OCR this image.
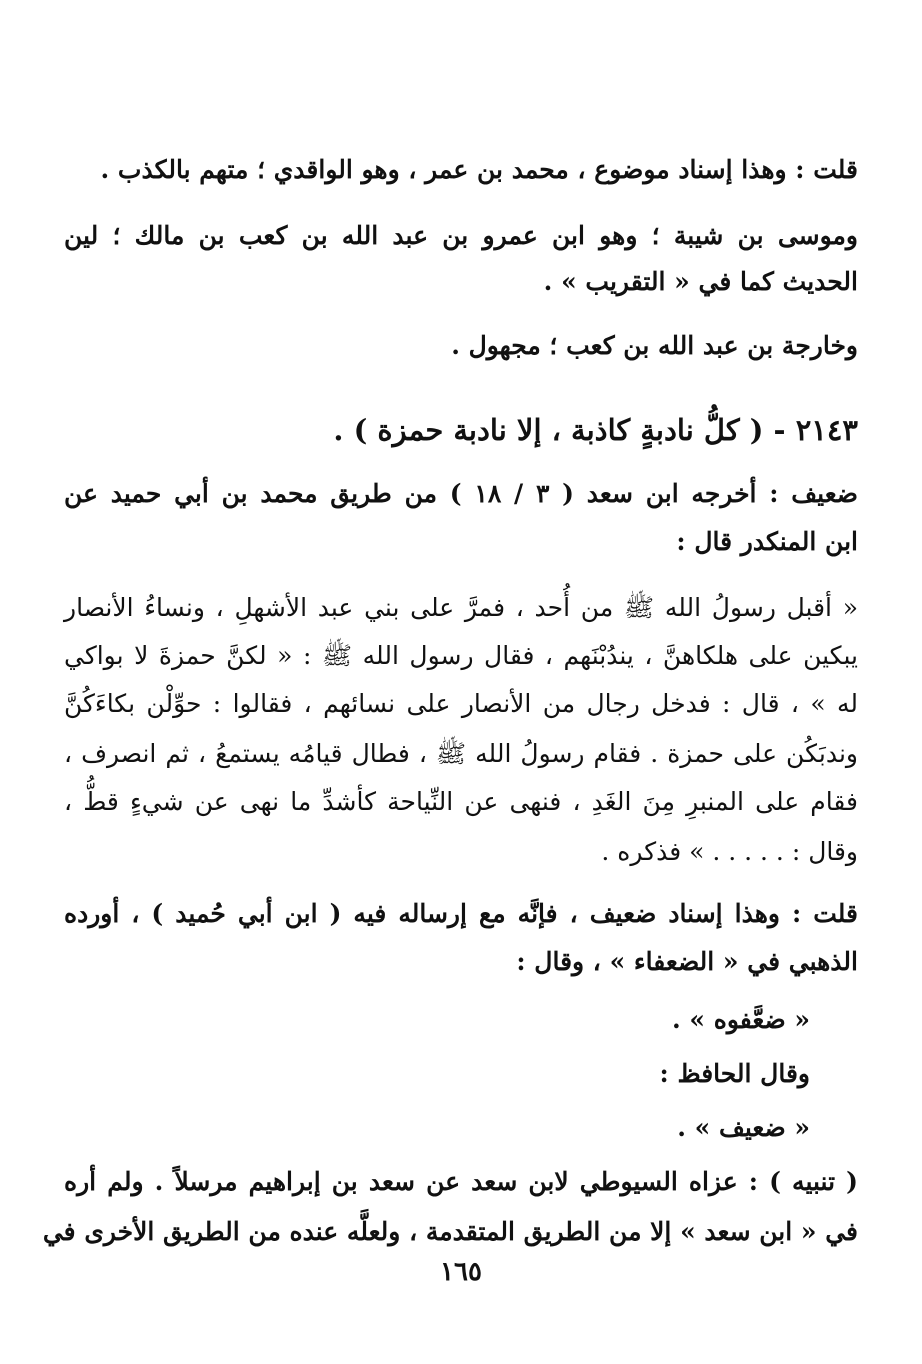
قلت : وهذا إسناد موضوع ، محمد بن عمر ، وهو الواقدي ؛ متهم بالكذب .
وموسى بن شيبة ؛ وهو ابن عمرو بن عبد الله بن كعب بن مالك ؛ لين
الحديث كما في « التقريب » .
وخارجة بن عبد الله بن كعب ؛ مجهول .
٢١٤٣ - ( كلُّ نادبةٍ كاذبة ، إلا نادبة حمزة ) .
ضعيف : أخرجه ابن سعد ( ٣ / ١٨ ) من طريق محمد بن أبي حميد عن
ابن المنكدر قال :
« أقبل رسولُ الله ﷺ من أُحد ، فمرَّ على بني عبد الأشهلِ ، ونساءُ الأنصار
يبكين على هلكاهنَّ ، يندُبْنَهم ، فقال رسول الله ﷺ : « لكنَّ حمزةَ لا بواكي
له » ، قال : فدخل رجال من الأنصار على نسائهم ، فقالوا : حوِّلْن بكاءَكُنَّ
وندبَكُن على حمزة . فقام رسولُ الله ﷺ ، فطال قيامُه يستمعُ ، ثم انصرف ،
فقام على المنبرِ مِنَ الغَدِ ، فنهى عن النِّياحة كأشدِّ ما نهى عن شيءٍ قطُّ ،
وقال : . . . . . » فذكره .
قلت : وهذا إسناد ضعيف ، فإنَّه مع إرساله فيه ( ابن أبي حُميد ) ، أورده
الذهبي في « الضعفاء » ، وقال :
« ضعَّفوه » .
وقال الحافظ :
« ضعيف » .
( تنبيه ) : عزاه السيوطي لابن سعد عن سعد بن إبراهيم مرسلاً . ولم أره
في « ابن سعد » إلا من الطريق المتقدمة ، ولعلَّه عنده من الطريق الأخرى في
١٦٥
